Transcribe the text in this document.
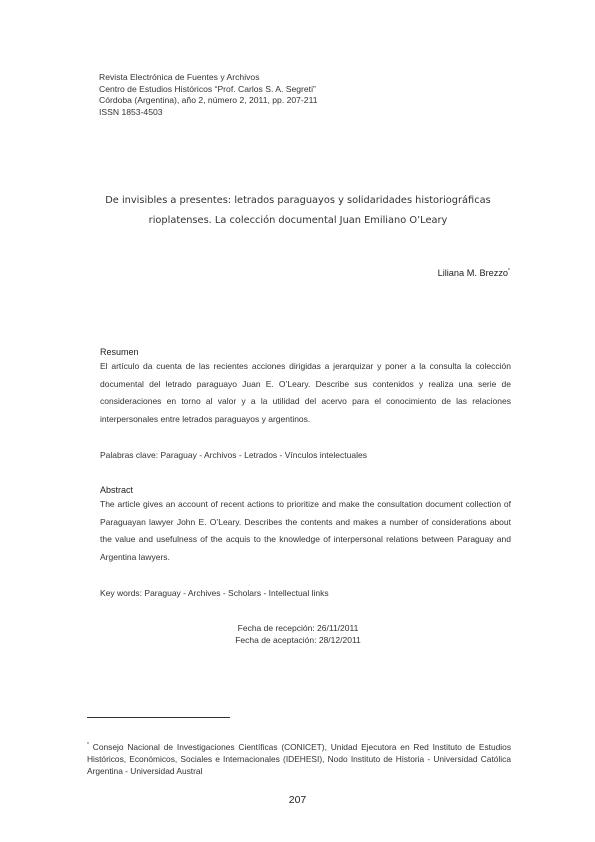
Revista Electrónica de Fuentes y Archivos
Centro de Estudios Históricos “Prof. Carlos S. A. Segreti”
Córdoba (Argentina), año 2, número 2, 2011, pp. 207-211
ISSN 1853-4503
De invisibles a presentes: letrados paraguayos y solidaridades historiográficas rioplatenses. La colección documental Juan Emiliano O’Leary
Liliana M. Brezzo*
Resumen
El artículo da cuenta de las recientes acciones dirigidas a jerarquizar y poner a la consulta la colección documental del letrado paraguayo Juan E. O’Leary. Describe sus contenidos y realiza una serie de consideraciones en torno al valor y a la utilidad del acervo para el conocimiento de las relaciones interpersonales entre letrados paraguayos y argentinos.
Palabras clave: Paraguay - Archivos - Letrados - Vínculos intelectuales
Abstract
The article gives an account of recent actions to prioritize and make the consultation document collection of Paraguayan lawyer John E. O’Leary. Describes the contents and makes a number of considerations about the value and usefulness of the acquis to the knowledge of interpersonal relations between Paraguay and Argentina lawyers.
Key words: Paraguay - Archives - Scholars - Intellectual links
Fecha de recepción: 26/11/2011
Fecha de aceptación: 28/12/2011
* Consejo Nacional de Investigaciones Científicas (CONICET), Unidad Ejecutora en Red Instituto de Estudios Históricos, Económicos, Sociales e Internacionales (IDEHESI), Nodo Instituto de Historia - Universidad Católica Argentina - Universidad Austral
207
